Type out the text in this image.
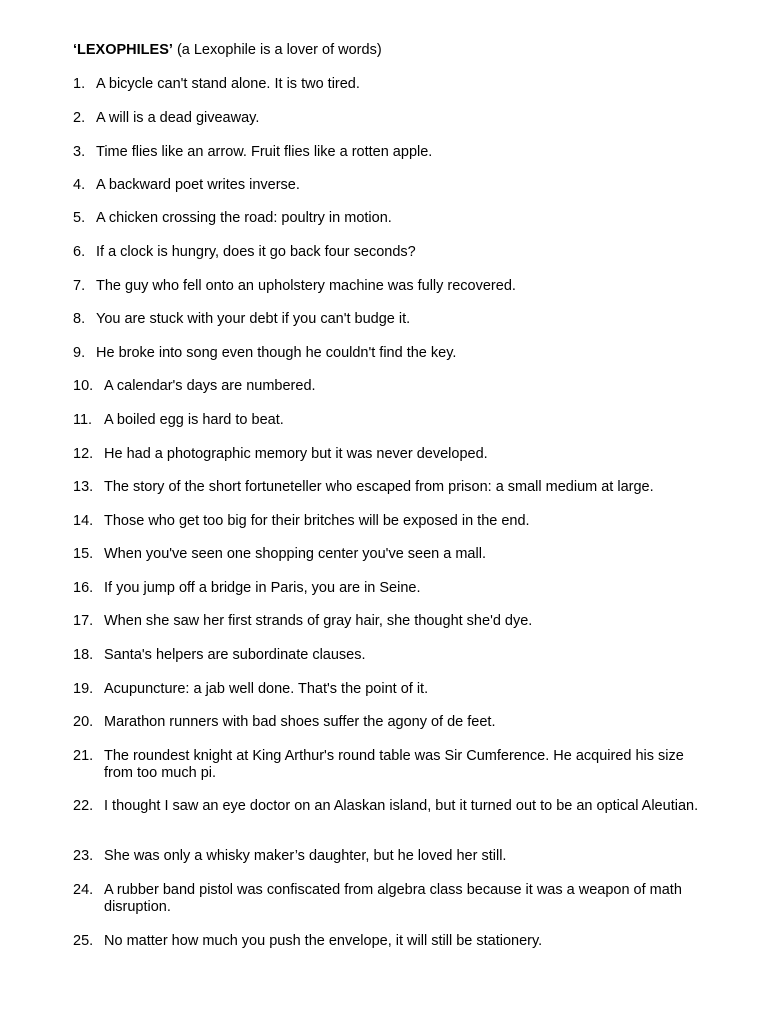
‘LEXOPHILES’ (a Lexophile is a lover of words)
1. A bicycle can't stand alone. It is two tired.
2. A will is a dead giveaway.
3. Time flies like an arrow. Fruit flies like a rotten apple.
4. A backward poet writes inverse.
5. A chicken crossing the road: poultry in motion.
6. If a clock is hungry, does it go back four seconds?
7. The guy who fell onto an upholstery machine was fully recovered.
8. You are stuck with your debt if you can't budge it.
9. He broke into song even though he couldn't find the key.
10. A calendar's days are numbered.
11. A boiled egg is hard to beat.
12. He had a photographic memory but it was never developed.
13. The story of the short fortuneteller who escaped from prison: a small medium at large.
14. Those who get too big for their britches will be exposed in the end.
15. When you've seen one shopping center you've seen a mall.
16. If you jump off a bridge in Paris, you are in Seine.
17. When she saw her first strands of gray hair, she thought she'd dye.
18. Santa's helpers are subordinate clauses.
19. Acupuncture: a jab well done. That's the point of it.
20. Marathon runners with bad shoes suffer the agony of de feet.
21. The roundest knight at King Arthur's round table was Sir Cumference. He acquired his size from too much pi.
22. I thought I saw an eye doctor on an Alaskan island, but it turned out to be an optical Aleutian.
23. She was only a whisky maker’s daughter, but he loved her still.
24. A rubber band pistol was confiscated from algebra class because it was a weapon of math disruption.
25. No matter how much you push the envelope, it will still be stationery.
